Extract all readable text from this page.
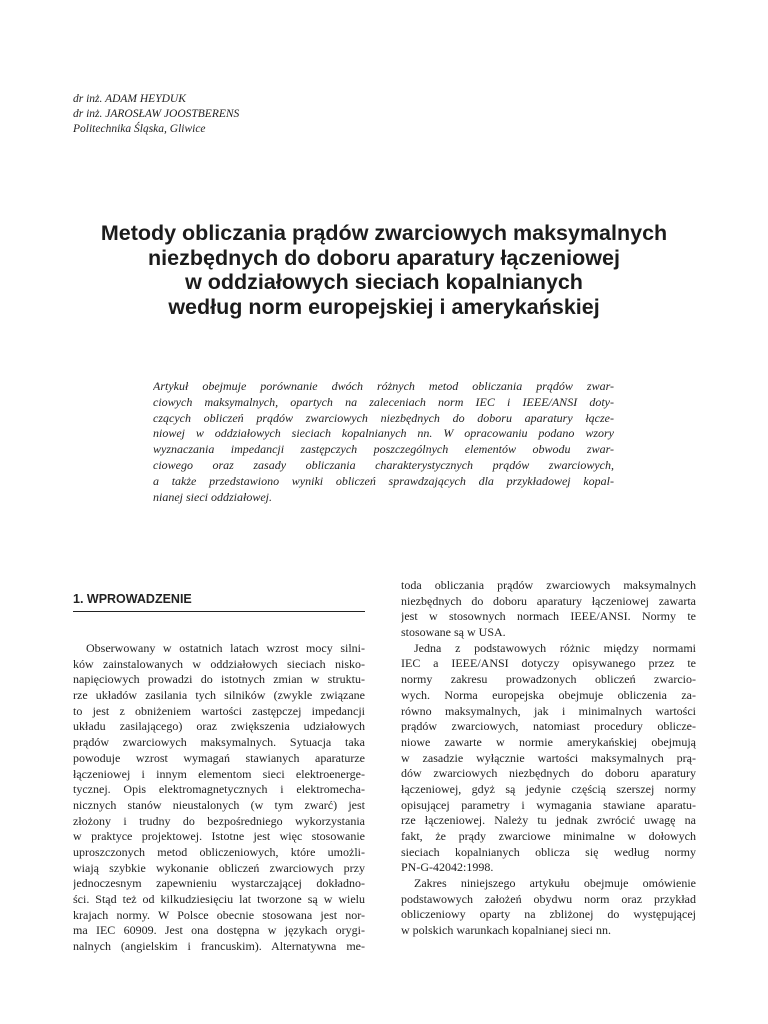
dr inż. ADAM HEYDUK
dr inż. JAROSŁAW JOOSTBERENS
Politechnika Śląska, Gliwice
Metody obliczania prądów zwarciowych maksymalnych
niezbędnych do doboru aparatury łączeniowej
w oddziałowych sieciach kopalnianych
według norm europejskiej i amerykańskiej
Artykuł obejmuje porównanie dwóch różnych metod obliczania prądów zwar-
ciowych maksymalnych, opartych na zaleceniach norm IEC i IEEE/ANSI doty-
czących obliczeń prądów zwarciowych niezbędnych do doboru aparatury łącze-
niowej w oddziałowych sieciach kopalnianych nn. W opracowaniu podano wzory
wyznaczania impedancji zastępczych poszczególnych elementów obwodu zwar-
ciowego oraz zasady obliczania charakterystycznych prądów zwarciowych,
a także przedstawiono wyniki obliczeń sprawdzających dla przykładowej kopal-
nianej sieci oddziałowej.
1. WPROWADZENIE
Obserwowany w ostatnich latach wzrost mocy silni-
ków zainstalowanych w oddziałowych sieciach nisko-
napięciowych prowadzi do istotnych zmian w struktu-
rze układów zasilania tych silników (zwykle związane
to jest z obniżeniem wartości zastępczej impedancji
układu zasilającego) oraz zwiększenia udziałowych
prądów zwarciowych maksymalnych. Sytuacja taka
powoduje wzrost wymagań stawianych aparaturze
łączeniowej i innym elementom sieci elektroenerge-
tycznej. Opis elektromagnetycznych i elektromecha-
nicznych stanów nieustalonych (w tym zwarć) jest
złożony i trudny do bezpośredniego wykorzystania
w praktyce projektowej. Istotne jest więc stosowanie
uproszczonych metod obliczeniowych, które umożli-
wiają szybkie wykonanie obliczeń zwarciowych przy
jednoczesnym zapewnieniu wystarczającej dokładno-
ści. Stąd też od kilkudziesięciu lat tworzone są w wielu
krajach normy. W Polsce obecnie stosowana jest nor-
ma IEC 60909. Jest ona dostępna w językach orygi-
nalnych (angielskim i francuskim). Alternatywna me-
toda obliczania prądów zwarciowych maksymalnych
niezbędnych do doboru aparatury łączeniowej zawarta
jest w stosownych normach IEEE/ANSI. Normy te
stosowane są w USA.
Jedna z podstawowych różnic między normami
IEC a IEEE/ANSI dotyczy opisywanego przez te
normy zakresu prowadzonych obliczeń zwarcio-
wych. Norma europejska obejmuje obliczenia za-
równo maksymalnych, jak i minimalnych wartości
prądów zwarciowych, natomiast procedury oblicze-
niowe zawarte w normie amerykańskiej obejmują
w zasadzie wyłącznie wartości maksymalnych prą-
dów zwarciowych niezbędnych do doboru aparatury
łączeniowej, gdyż są jedynie częścią szerszej normy
opisującej parametry i wymagania stawiane aparatu-
rze łączeniowej. Należy tu jednak zwrócić uwagę na
fakt, że prądy zwarciowe minimalne w dołowych
sieciach kopalnianych oblicza się według normy
PN-G-42042:1998.
Zakres niniejszego artykułu obejmuje omówienie
podstawowych założeń obydwu norm oraz przykład
obliczeniowy oparty na zbliżonej do występującej
w polskich warunkach kopalnianej sieci nn.
